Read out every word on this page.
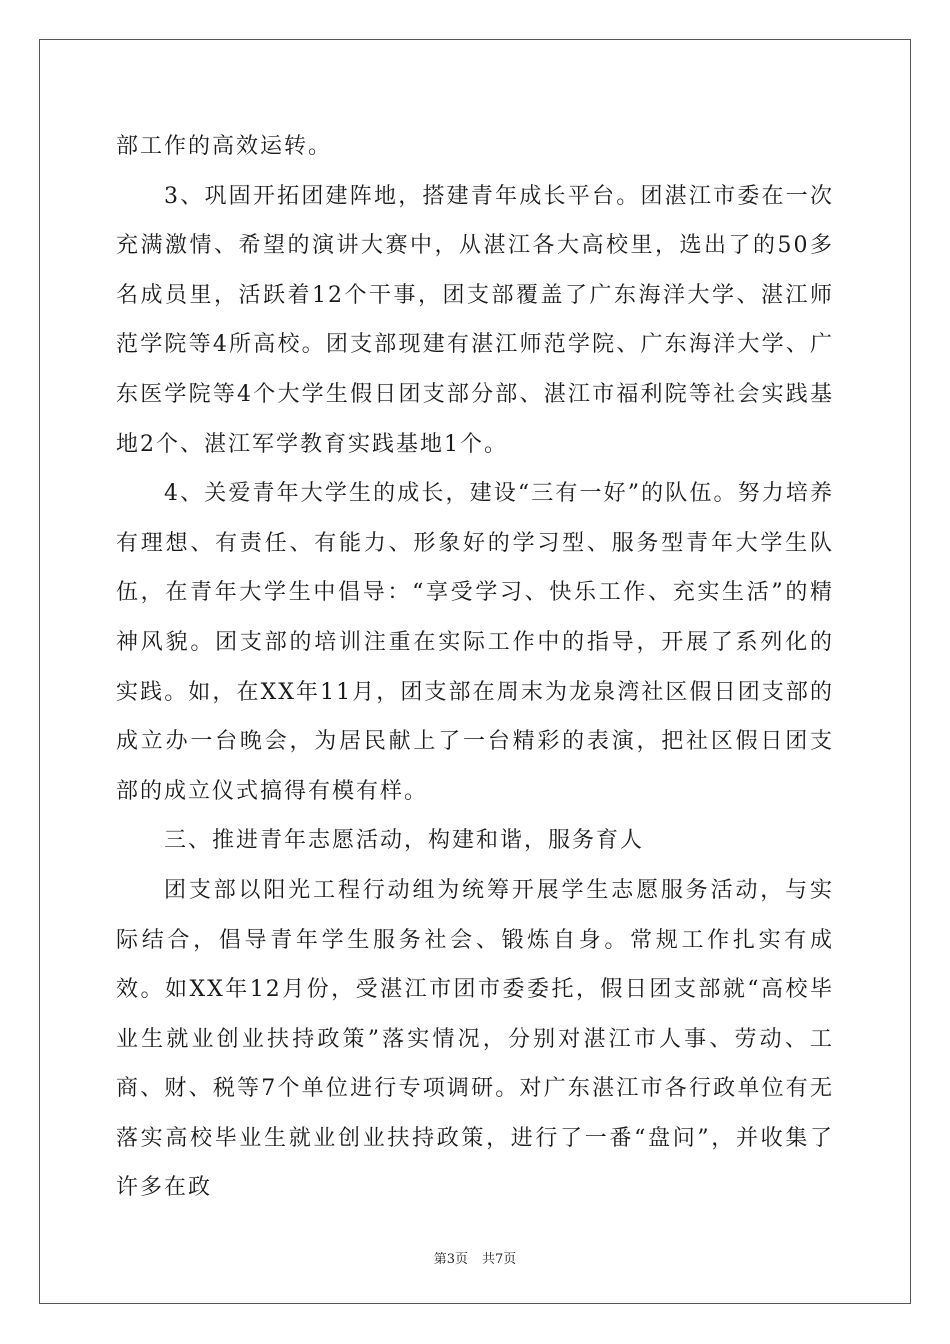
部工作的高效运转。

3、巩固开拓团建阵地，搭建青年成长平台。团湛江市委在一次充满激情、希望的演讲大赛中，从湛江各大高校里，选出了的50多名成员里，活跃着12个干事，团支部覆盖了广东海洋大学、湛江师范学院等4所高校。团支部现建有湛江师范学院、广东海洋大学、广东医学院等4个大学生假日团支部分部、湛江市福利院等社会实践基地2个、湛江军学教育实践基地1个。

4、关爱青年大学生的成长，建设“三有一好”的队伍。努力培养有理想、有责任、有能力、形象好的学习型、服务型青年大学生队伍，在青年大学生中倡导：“享受学习、快乐工作、充实生活”的精神风貌。团支部的培训注重在实际工作中的指导，开展了系列化的实践。如，在XX年11月，团支部在周末为龙泉湾社区假日团支部的成立办一台晚会，为居民献上了一台精彩的表演，把社区假日团支部的成立仪式搞得有模有样。

三、推进青年志愿活动，构建和谐，服务育人

团支部以阳光工程行动组为统筹开展学生志愿服务活动，与实际结合，倡导青年学生服务社会、锻炼自身。常规工作扎实有成效。如XX年12月份，受湛江市团市委委托，假日团支部就“高校毕业生就业创业扶持政策”落实情况，分别对湛江市人事、劳动、工商、财、税等7个单位进行专项调研。对广东湛江市各行政单位有无落实高校毕业生就业创业扶持政策，进行了一番“盘问”，并收集了许多在政

第3页 共7页
